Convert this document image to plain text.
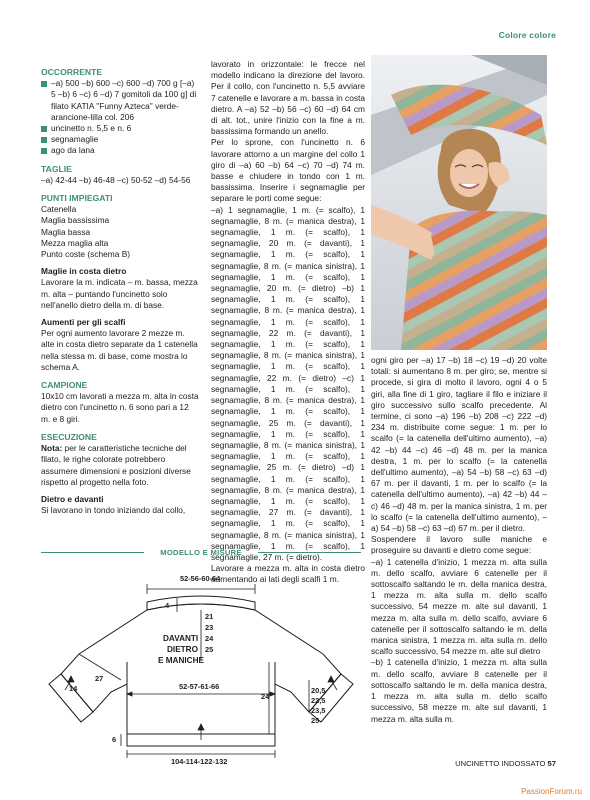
Colore colore
OCCORRENTE
–a) 500 –b) 600 –c) 600 –d) 700 g [–a) 5 –b) 6 –c) 6 –d) 7 gomitoli da 100 g] di filato KATIA "Funny Azteca" verde-arancione-lilla col. 206
uncinetto n. 5,5 e n. 6
segnamaglie
ago da lana
TAGLIE
–a) 42-44 –b) 46-48 –c) 50-52 –d) 54-56
PUNTI IMPIEGATI
Catenella
Maglia bassissima
Maglia bassa
Mezza maglia alta
Punto coste (schema B)
Maglie in costa dietro
Lavorare la m. indicata – m. bassa, mezza m. alta – puntando l'uncinetto solo nell'anello dietro della m. di base.
Aumenti per gli scalfi
Per ogni aumento lavorare 2 mezze m. alte in costa dietro separate da 1 catenella nella stessa m. di base, come mostra lo schema A.
CAMPIONE
10x10 cm lavorati a mezza m. alta in costa dietro con l'uncinetto n. 6 sono pari a 12 m. e 8 giri.
ESECUZIONE
Nota: per le caratteristiche tecniche del filato, le righe colorate potrebbero assumere dimensioni e posizioni diverse rispetto al progetto nella foto.
Dietro e davanti
Si lavorano in tondo iniziando dal collo,
lavorato in orizzontale: le frecce nel modello indicano la direzione del lavoro. Per il collo, con l'uncinetto n. 5,5 avviare 7 catenelle e lavorare a m. bassa in costa dietro. A –a) 52 –b) 56 –c) 60 –d) 64 cm di alt. tot., unire l'inizio con la fine a m. bassissima formando un anello.
Per lo sprone, con l'uncinetto n. 6 lavorare attorno a un margine del collo 1 giro di –a) 60 –b) 64 –c) 70 –d) 74 m. basse e chiudere in tondo con 1 m. bassissima. Inserire i segnamaglie per separare le porti come segue:
–a) 1 segnamaglie, 1 m. (= scalfo), 1 segnamaglie, 8 m. (= manica destra), 1 segnamaglie, 1 m. (= scalfo), 1 segnamaglie, 20 m. (= davanti), 1 segnamaglie, 1 m. (= scalfo), 1 segnamaglie, 8 m. (= manica sinistra), 1 segnamaglie, 1 m. (= scalfo), 1 segnamaglie, 20 m. (= dietro) –b) 1 segnamaglie, 1 m. (= scalfo), 1 segnamaglie, 8 m. (= manica destra), 1 segnamaglie, 1 m. (= scalfo), 1 segnamaglie, 22 m. (= davanti), 1 segnamaglie, 1 m. (= scalfo), 1 segnamaglie, 8 m. (= manica sinistra), 1 segnamaglie, 1 m. (= scalfo), 1 segnamaglie, 22 m. (= dietro) –c) 1 segnamaglie, 1 m. (= scalfo), 1 segnamaglie, 8 m. (= manica destra), 1 segnamaglie, 1 m. (= scalfo), 1 segnamaglie, 25 m. (= davanti), 1 segnamaglie, 1 m. (= scalfo), 1 segnamaglie, 8 m. (= manica sinistra), 1 segnamaglie, 1 m. (= scalfo), 1 segnamaglie, 25 m. (= dietro) –d) 1 segnamaglie, 1 m. (= scalfo), 1 segnamaglie, 8 m. (= manica destra), 1 segnamaglie, 1 m. (= scalfo), 1 segnamaglie, 27 m. (= davanti), 1 segnamaglie, 1 m. (= scalfo), 1 segnamaglie, 8 m. (= manica sinistra), 1 segnamaglie, 1 m. (= scalfo), 1 segnamaglie, 27 m. (= dietro).
Lavorare a mezza m. alta in costa dietro aumentando ai lati degli scalfi 1 m.
ogni giro per –a) 17 –b) 18 –c) 19 –d) 20 volte totali: si aumentano 8 m. per giro; se, mentre si procede, si gira di molto il lavoro, ogni 4 o 5 giri, alla fine di 1 giro, tagliare il filo e iniziare il giro successivo sullo scalfo precedente. Al termine, ci sono –a) 196 –b) 208 –c) 222 –d) 234 m. distribuite come segue: 1 m. per lo scalfo (= la catenella dell'ultimo aumento), –a) 42 –b) 44 –c) 46 –d) 48 m. per la manica destra, 1 m. per lo scalfo (= la catenella dell'ultimo aumento), –a) 54 –b) 58 –c) 63 –d) 67 m. per il davanti, 1 m. per lo scalfo (= la catenella dell'ultimo aumento), –a) 42 –b) 44 –c) 46 –d) 48 m. per la manica sinistra, 1 m. per lo scalfo (= la catenella dell'ultimo aumento), –a) 54 –b) 58 –c) 63 –d) 67 m. per il dietro.
Sospendere il lavoro sulle maniche e proseguire su davanti e dietro come segue:
–a) 1 catenella d'inizio, 1 mezza m. alta sulla m. dello scalfo, avviare 6 catenelle per il sottoscalfo saltando le m. della manica destra, 1 mezza m. alta sulla m. dello scalfo successivo, 54 mezze m. alte sul davanti, 1 mezza m. alta sulla m. dello scalfo, avviare 6 catenelle per il sottoscalfo saltando le m. della manica sinistra, 1 mezza m. alta sulla m. dello scalfo successivo, 54 mezze m. alte sul dietro
–b) 1 catenella d'inizio, 1 mezza m. alta sulla m. dello scalfo, avviare 8 catenelle per il sottoscalfo saltando le m. della manica destra, 1 mezza m. alta sulla m. dello scalfo successivo, 58 mezze m. alte sul davanti, 1 mezza m. alta sulla m.
MODELLO E MISURE
52-56-60-64
4
21
23
24
25
DAVANTI
DIETRO
E MANICHE
27
14	52-57-61-66
24
20,5
22,5
23,5
25
6
104-114-122-132	UNCINETTO INDOSSATO 57
PassionForum.ru
